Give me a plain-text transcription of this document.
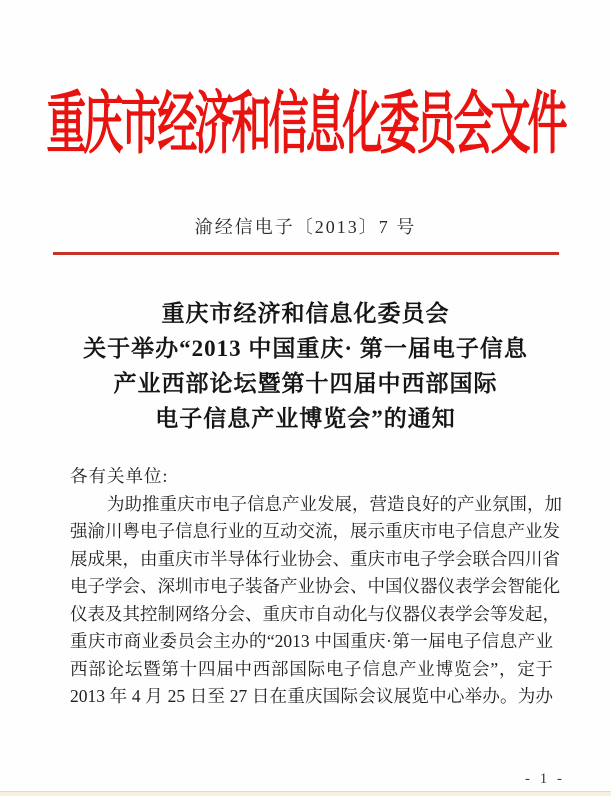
重庆市经济和信息化委员会文件
渝经信电子〔2013〕7 号
重庆市经济和信息化委员会
关于举办“2013 中国重庆· 第一届电子信息
产业西部论坛暨第十四届中西部国际
电子信息产业博览会”的通知
各有关单位:
为助推重庆市电子信息产业发展，营造良好的产业氛围，加
强渝川粤电子信息行业的互动交流，展示重庆市电子信息产业发
展成果，由重庆市半导体行业协会、重庆市电子学会联合四川省
电子学会、深圳市电子装备产业协会、中国仪器仪表学会智能化
仪表及其控制网络分会、重庆市自动化与仪器仪表学会等发起，
重庆市商业委员会主办的“2013 中国重庆·第一届电子信息产业
西部论坛暨第十四届中西部国际电子信息产业博览会”，定于
2013 年 4 月 25 日至 27 日在重庆国际会议展览中心举办。为办
- 1 -
